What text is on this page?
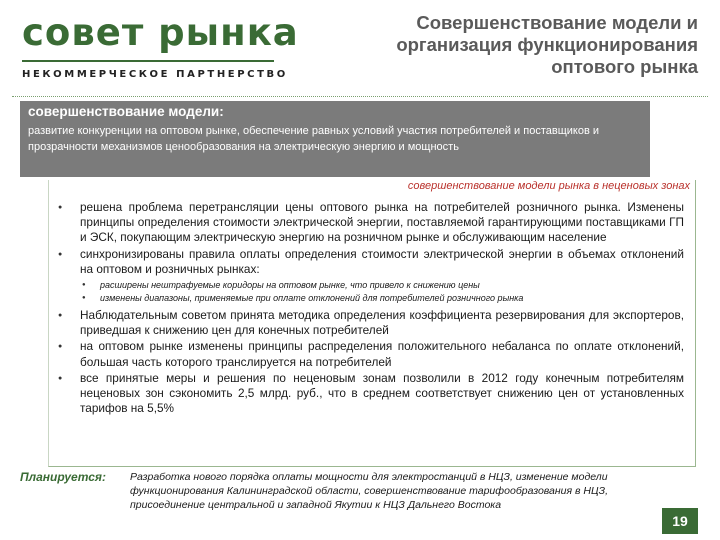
совет рынка
НЕКОММЕРЧЕСКОЕ ПАРТНЕРСТВО
Совершенствование модели и организация функционирования оптового рынка
совершенствование модели:
развитие конкуренции на оптовом рынке, обеспечение равных условий участия потребителей и поставщиков и прозрачности механизмов ценообразования на электрическую энергию и мощность
совершенствование модели рынка в неценовых зонах
● решена проблема перетрансляции цены оптового рынка на потребителей розничного рынка. Изменены принципы определения стоимости электрической энергии, поставляемой гарантирующими поставщиками ГП и ЭСК, покупающим электрическую энергию на розничном рынке и обслуживающим население
● синхронизированы правила оплаты определения стоимости электрической энергии в объемах отклонений на оптовом и розничных рынках:
● расширены нештрафуемые коридоры на оптовом рынке, что привело к снижению цены
● изменены диапазоны, применяемые при оплате отклонений для потребителей розничного рынка
● Наблюдательным советом принята методика определения коэффициента резервирования для экспортеров, приведшая к снижению цен для конечных потребителей
● на оптовом рынке изменены принципы распределения положительного небаланса по оплате отклонений, большая часть которого транслируется на потребителей
● все принятые меры и решения по неценовым зонам позволили в 2012 году конечным потребителям неценовых зон сэкономить 2,5 млрд. руб., что в среднем соответствует снижению цен от установленных тарифов на 5,5%
Планируется: Разработка нового порядка оплаты мощности для электростанций в НЦЗ, изменение модели функционирования Калининградской области, совершенствование тарифообразования в НЦЗ, присоединение центральной и западной Якутии к НЦЗ Дальнего Востока
19
